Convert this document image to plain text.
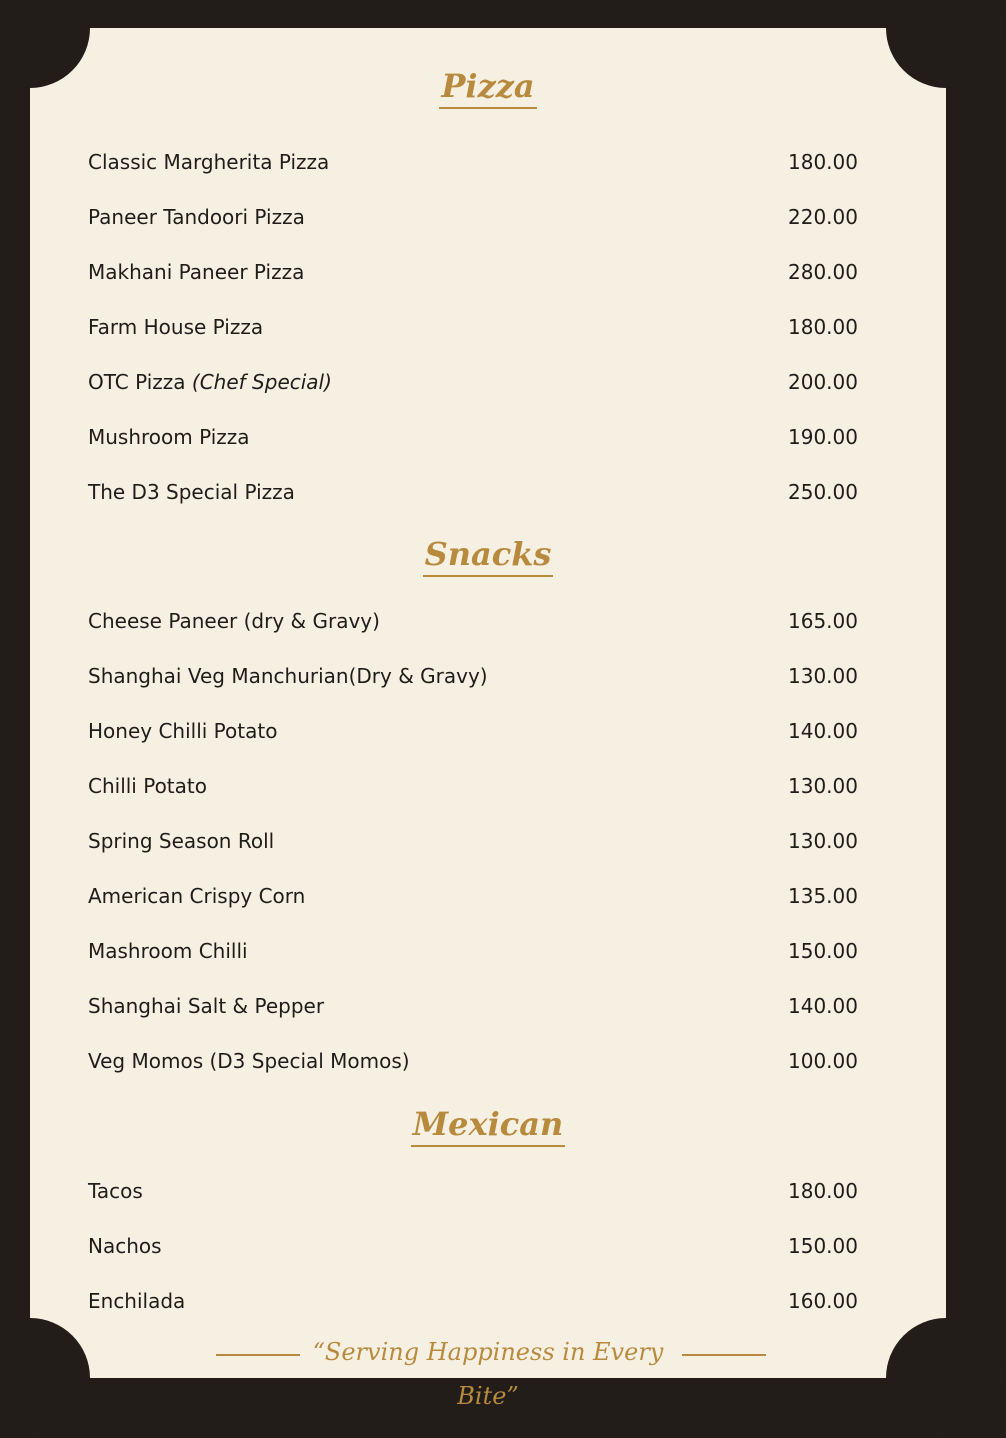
Pizza
Classic Margherita Pizza	180.00
Paneer Tandoori Pizza	220.00
Makhani Paneer Pizza	280.00
Farm House Pizza	180.00
OTC Pizza (Chef Special)	200.00
Mushroom Pizza	190.00
The D3 Special Pizza	250.00
Snacks
Cheese Paneer (dry & Gravy)	165.00
Shanghai Veg Manchurian(Dry & Gravy)	130.00
Honey Chilli Potato	140.00
Chilli Potato	130.00
Spring Season Roll	130.00
American Crispy Corn	135.00
Mashroom Chilli	150.00
Shanghai Salt & Pepper	140.00
Veg Momos (D3 Special Momos)	100.00
Mexican
Tacos	180.00
Nachos	150.00
Enchilada	160.00
“Serving Happiness in Every Bite”
